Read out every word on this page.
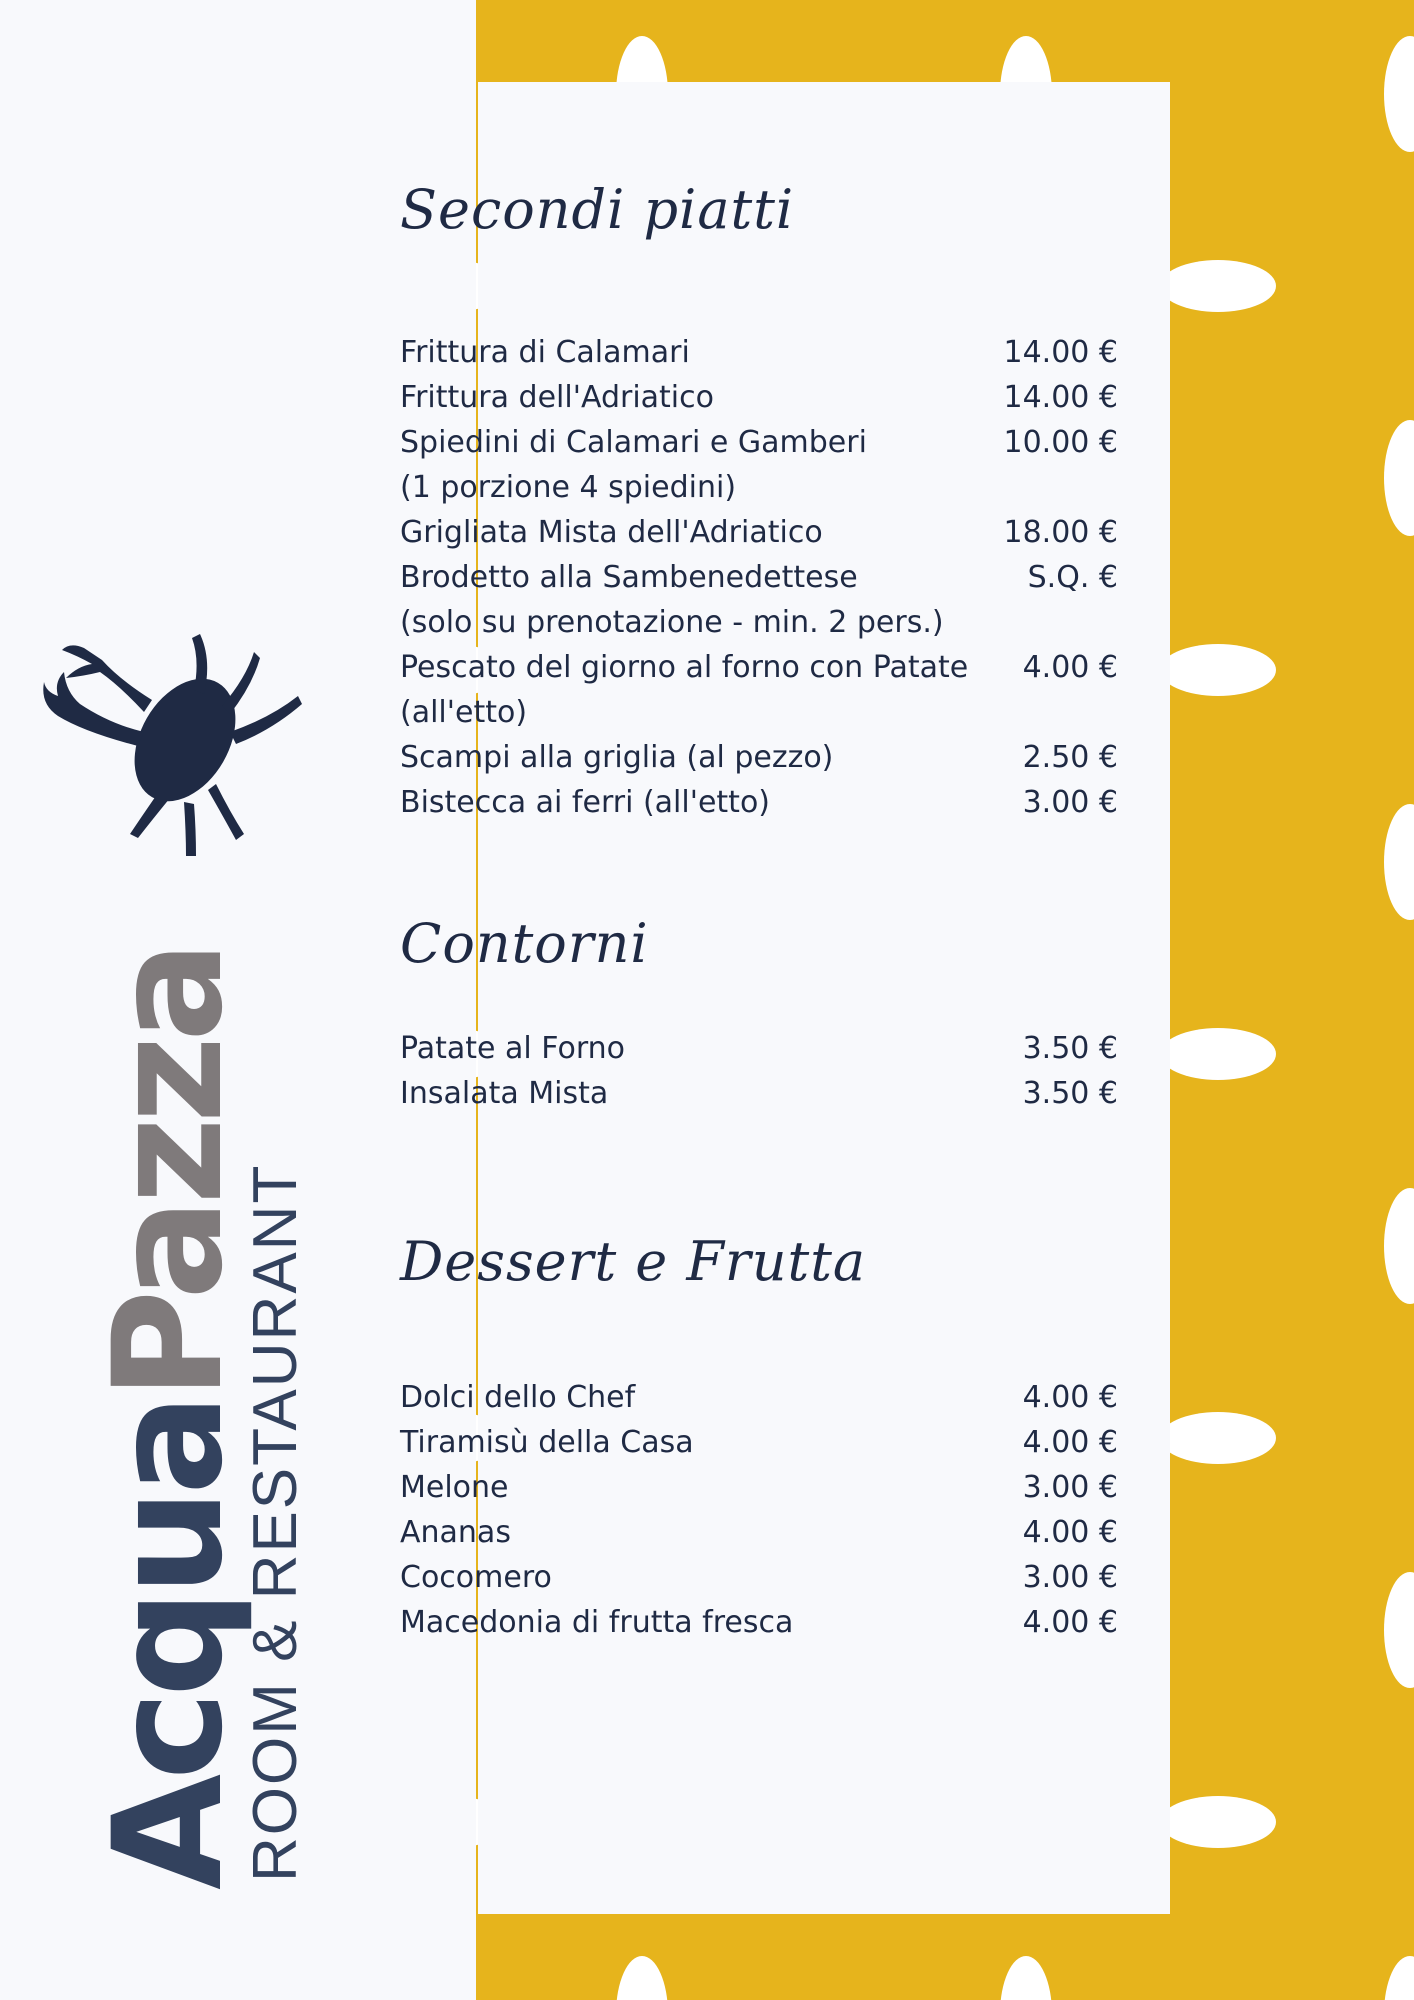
AcquaPazza
ROOM & RESTAURANT
Secondi piatti
Frittura di Calamari	14.00 €
Frittura dell'Adriatico	14.00 €
Spiedini di Calamari e Gamberi	10.00 €
(1 porzione 4 spiedini)
Grigliata Mista dell'Adriatico	18.00 €
Brodetto alla Sambenedettese	S.Q. €
(solo su prenotazione - min. 2 pers.)
Pescato del giorno al forno con Patate 4.00 €
(all'etto)
Scampi alla griglia (al pezzo)	2.50 €
Bistecca ai ferri (all'etto)	3.00 €
Contorni
Patate al Forno	3.50 €
Insalata Mista	3.50 €
Dessert e Frutta
Dolci dello Chef	4.00 €
Tiramisù della Casa	4.00 €
Melone	3.00 €
Ananas	4.00 €
Cocomero	3.00 €
Macedonia di frutta fresca	4.00 €
